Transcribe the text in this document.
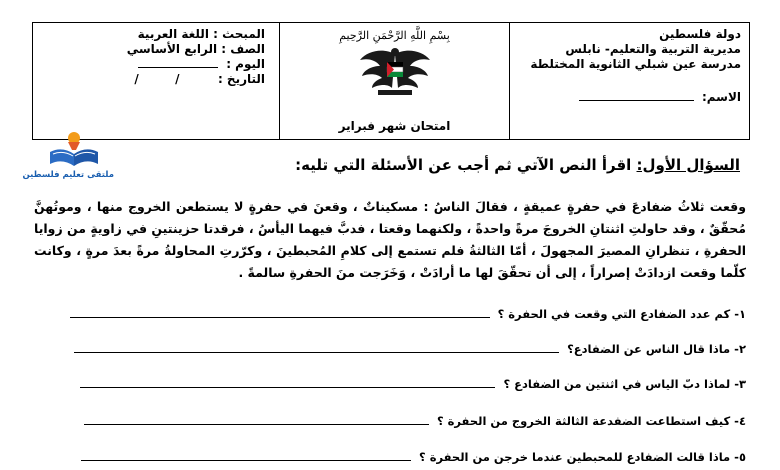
دولة فلسطين
مديرية التربية والتعليم- نابلس
مدرسة عين شبلي الثانوية المختلطة
الاسم:
بِسْمِ اللَّهِ الرَّحْمَنِ الرَّحِيمِ
امتحان شهر فبراير
المبحث : اللغة العربية
الصف : الرابع الأساسي
اليوم :
التاريخ :  /  /
ملتقى تعليم فلسطين
السؤال الأول: اقرأ النص الآتي ثم أجب عن الأسئلة التي تليه:
وقعت ثلاثُ ضفادعَ في حفرةٍ عميقةٍ ، فقالَ الناسُ : مسكيناتٌ ، وقعنَ في حفرةٍ لا يستطعن الخروج منها ، وموتُهنَّ مُحقّقٌ ، وقد حاولتِ اثنتانِ الخروجَ مرةً واحدةً ، ولكنهما وقعتا ، فدبَّ فيهما اليأسُ ، فرقدتا حزينتينِ في زاويةٍ من زوايا الحفرةِ ، تنظرانِ المصيرَ المجهولَ ، أمّا الثالثةُ فلم تستمع إلى كلامِ المُحبطينَ ، وكرّرتِ المحاولةُ مرةً بعدَ مرةٍ ، وكانت كلّما وقعت ازدادَتْ إصراراً ، إلى أن تحقّقَ لها ما أرادَتْ ، وَخَرَجت منَ الحفرةِ سالمةً .
١- كم عدد الضفادع التي وقعت في الحفرة ؟
٢- ماذا قال الناس عن الضفادع؟
٣- لماذا دبّ الياس في اثنتين من الضفادع ؟
٤- كيف استطاعت الضفدعة الثالثة الخروج من الحفرة ؟
٥- ماذا قالت الضفادع للمحبطين عندما خرجن من الحفرة ؟
